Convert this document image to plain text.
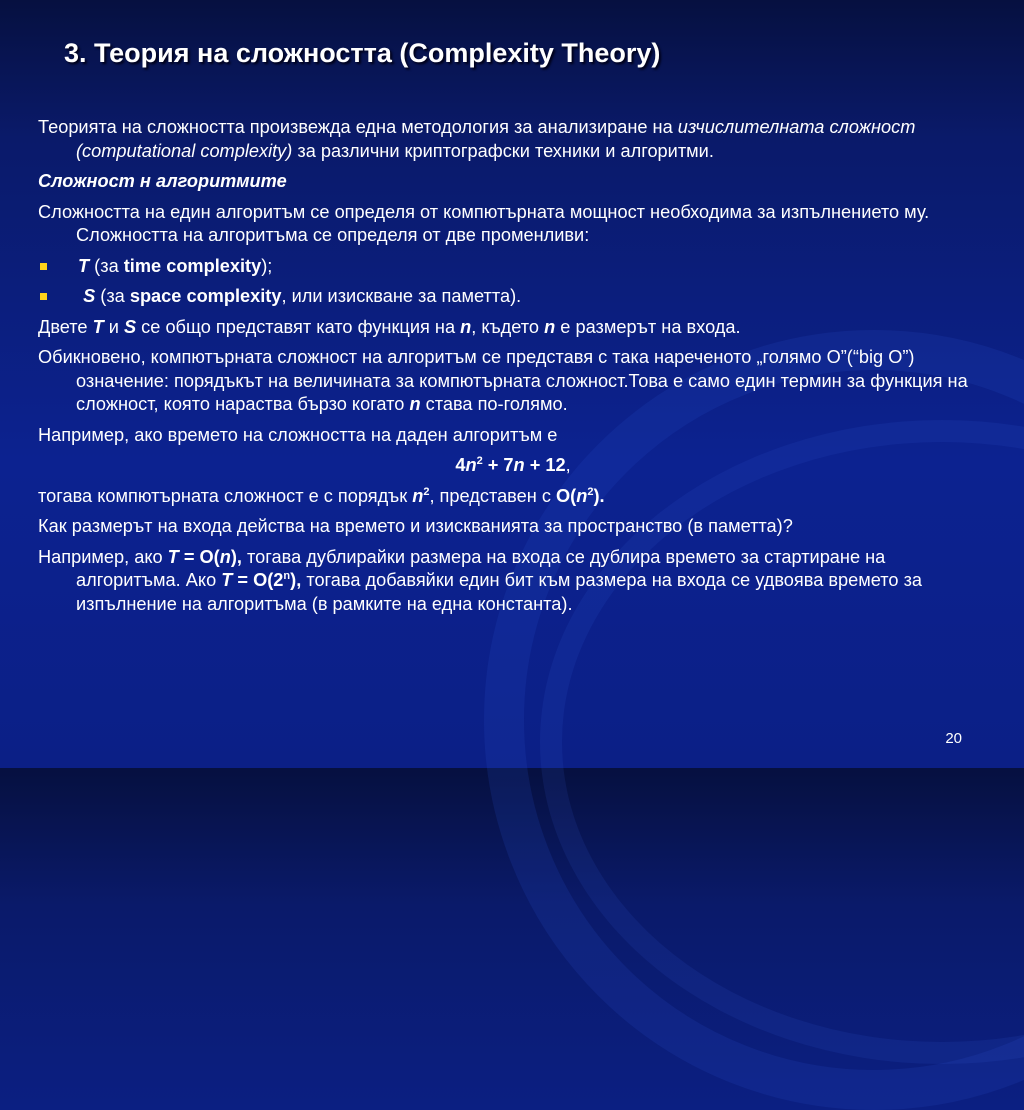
3. Теория на сложността (Complexity Theory)

Теорията на сложността произвежда една методология за анализиране на изчислителната сложност (computational complexity) за различни криптографски техники и алгоритми.

Сложност н алгоритмите

Сложността на един алгоритъм се определя от компютърната мощност необходима за изпълнението му. Сложността на алгоритъма се определя от две променливи:

T (за time complexity);
S (за space complexity, или изискване за паметта).

Двете T и S се общо представят като функция на n, където n е размерът на входа.

Обикновено, компютърната сложност на алгоритъм се представя с така нареченото „голямо O”(“big O”) означение: порядъкът на величината за компютърната сложност.Това е само един термин за функция на сложност, която нараства бързо когато n става по-голямо.

Например, ако времето на сложността на даден алгоритъм е

$4n^2 + 7n + 12$,

тогава компютърната сложност е с порядък $n^2$, представен с $O(n^2)$.

Как размерът на входа действа на времето и изискванията за пространство (в паметта)?

Например, ако T = O(n), тогава дублирайки размера на входа се дублира времето за стартиране на алгоритъма. Ако $T = O(2^n)$, тогава добавяйки един бит към размера на входа се удвоява времето за изпълнение на алгоритъма (в рамките на една константа).

20
